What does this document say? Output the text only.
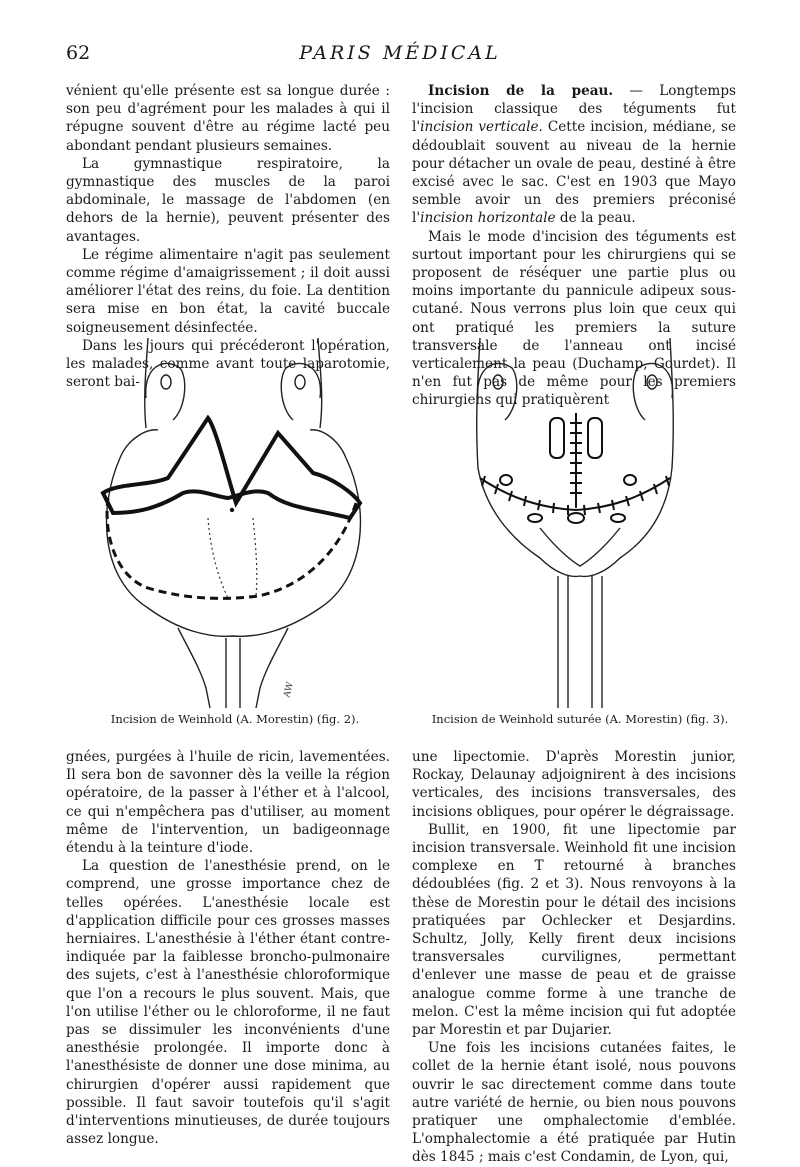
62	PARIS MÉDICAL

véniеnt qu'elle présente est sa longue durée : son peu d'agrément pour les malades à qui il répugne souvent d'être au régime lacté peu abondant pendant plusieurs semaines.

La gymnastique respiratoire, la gymnastique des muscles de la paroi abdominale, le massage de l'abdomen (en dehors de la hernie), peuvent présenter des avantages.

Le régime alimentaire n'agit pas seulement comme régime d'amaigrissement ; il doit aussi améliorer l'état des reins, du foie. La dentition sera mise en bon état, la cavité buccale soigneusement désinfectée.

Dans les jours qui précéderont l'opération, les malades, comme avant toute laparotomie, seront bai-

Incision de la peau. — Longtemps l'incision classique des téguments fut l'incision verticale. Cette incision, médiane, se dédoublait souvent au niveau de la hernie pour détacher un ovale de peau, destiné à être excisé avec le sac. C'est en 1903 que Mayo semble avoir un des premiers préconisé l'incision horizontale de la peau.

Mais le mode d'incision des téguments est surtout important pour les chirurgiens qui se proposent de réséquer une partie plus ou moins importante du pannicule adipeux sous-cutané. Nous verrons plus loin que ceux qui ont pratiqué les premiers la suture transversale de l'anneau ont incisé verticalement la peau (Duchamp, Gourdet). Il n'en fut pas de même pour les premiers chirurgiens qui pratiquèrent

AW
Incision de Weinhold (A. Morestin) (fig. 2).	Incision de Weinhold suturée (A. Morestin) (fig. 3).

gnées, purgées à l'huile de ricin, lavementées. Il sera bon de savonner dès la veille la région opératoire, de la passer à l'éther et à l'alcool, ce qui n'empêchera pas d'utiliser, au moment même de l'intervention, un badigeonnage étendu à la teinture d'iode.

La question de l'anesthésie prend, on le comprend, une grosse importance chez de telles opérées. L'anesthésie locale est d'application difficile pour ces grosses masses herniaires. L'anesthésie à l'éther étant contre-indiquée par la faiblesse broncho-pulmonaire des sujets, c'est à l'anesthésie chloroformique que l'on a recours le plus souvent. Mais, que l'on utilise l'éther ou le chloroforme, il ne faut pas se dissimuler les inconvénients d'une anesthésie prolongée. Il importe donc à l'anesthésiste de donner une dose minima, au chirurgien d'opérer aussi rapidement que possible. Il faut savoir toutefois qu'il s'agit d'interventions minutieuses, de durée toujours assez longue.

une lipectomie. D'après Morestin junior, Rockay, Delaunay adjoignirent à des incisions verticales, des incisions transversales, des incisions obliques, pour opérer le dégraissage.

Bullit, en 1900, fit une lipectomie par incision transversale. Weinhold fit une incision complexe en T retourné à branches dédoublées (fig. 2 et 3). Nous renvoyons à la thèse de Morestin pour le détail des incisions pratiquées par Ochlecker et Desjardins. Schultz, Jolly, Kelly firent deux incisions transversales curvilignes, permettant d'enlever une masse de peau et de graisse analogue comme forme à une tranche de melon. C'est la même incision qui fut adoptée par Morestin et par Dujarier.

Une fois les incisions cutanées faites, le collet de la hernie étant isolé, nous pouvons ouvrir le sac directement comme dans toute autre variété de hernie, ou bien nous pouvons pratiquer une omphalectomie d'emblée. L'omphalectomie a été pratiquée par Hutin dès 1845 ; mais c'est Condamin, de Lyon, qui,
